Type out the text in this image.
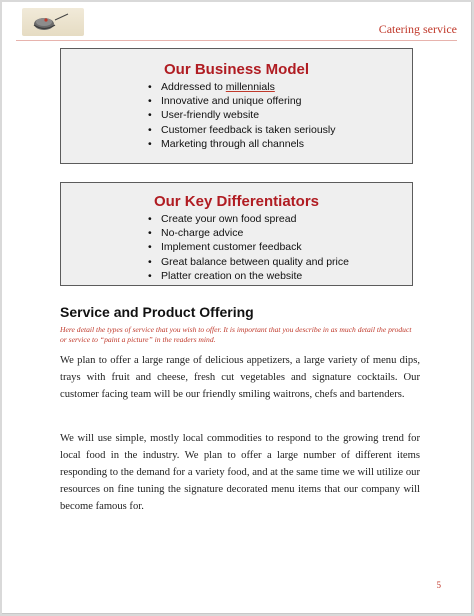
Catering service
Our Business Model
• Addressed to millennials
• Innovative and unique offering
• User-friendly website
• Customer feedback is taken seriously
• Marketing through all channels
Our Key Differentiators
• Create your own food spread
• No-charge advice
• Implement customer feedback
• Great balance between quality and price
• Platter creation on the website
Service and Product Offering
Here detail the types of service that you wish to offer. It is important that you describe in as much detail the product or service to “paint a picture” in the readers mind.
We plan to offer a large range of delicious appetizers, a large variety of menu dips, trays with fruit and cheese, fresh cut vegetables and signature cocktails. Our customer facing team will be our friendly smiling waitrons, chefs and bartenders.
We will use simple, mostly local commodities to respond to the growing trend for local food in the industry. We plan to offer a large number of different items responding to the demand for a variety food, and at the same time we will utilize our resources on fine tuning the signature decorated menu items that our company will become famous for.
5
